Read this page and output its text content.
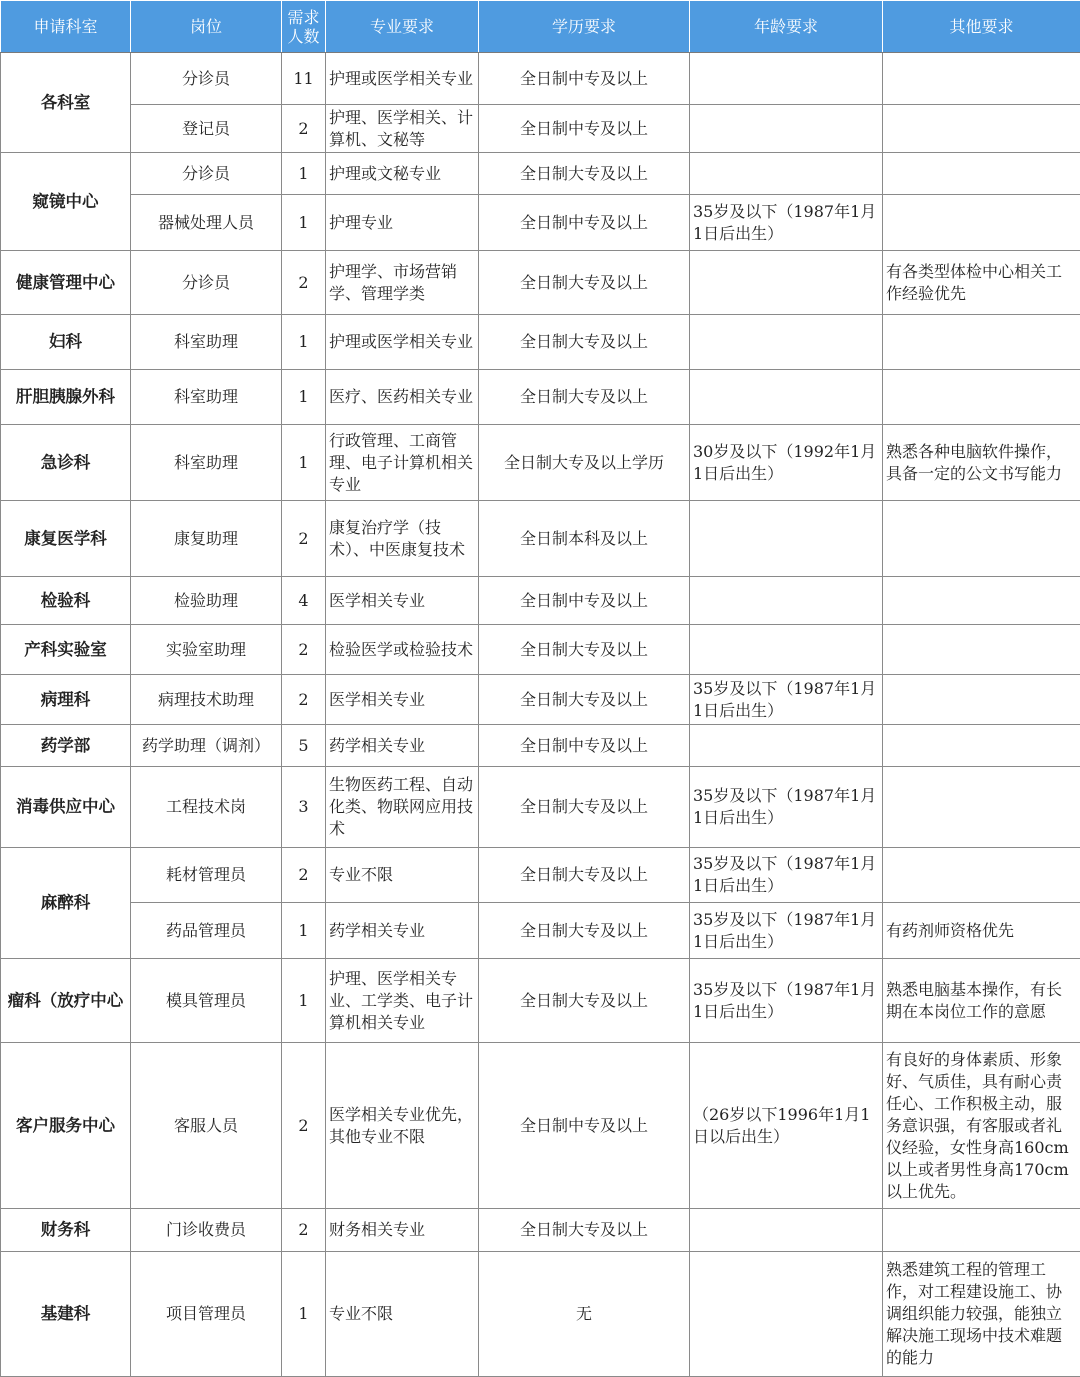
申请科室	岗位	需求人数	专业要求	学历要求	年龄要求	其他要求
各科室	分诊员	11	护理或医学相关专业	全日制中专及以上		
	登记员	2	护理、医学相关、计算机、文秘等	全日制中专及以上		
窥镜中心	分诊员	1	护理或文秘专业	全日制大专及以上		
	器械处理人员	1	护理专业	全日制中专及以上	35岁及以下（1987年1月1日后出生）	
健康管理中心	分诊员	2	护理学、市场营销学、管理学类	全日制大专及以上		有各类型体检中心相关工作经验优先
妇科	科室助理	1	护理或医学相关专业	全日制大专及以上		
肝胆胰腺外科	科室助理	1	医疗、医药相关专业	全日制大专及以上		
急诊科	科室助理	1	行政管理、工商管理、电子计算机相关专业	全日制大专及以上学历	30岁及以下（1992年1月1日后出生）	熟悉各种电脑软件操作，具备一定的公文书写能力
康复医学科	康复助理	2	康复治疗学（技术）、中医康复技术	全日制本科及以上		
检验科	检验助理	4	医学相关专业	全日制中专及以上		
产科实验室	实验室助理	2	检验医学或检验技术	全日制大专及以上		
病理科	病理技术助理	2	医学相关专业	全日制大专及以上	35岁及以下（1987年1月1日后出生）	
药学部	药学助理（调剂）	5	药学相关专业	全日制中专及以上		
消毒供应中心	工程技术岗	3	生物医药工程、自动化类、物联网应用技术	全日制大专及以上	35岁及以下（1987年1月1日后出生）	
麻醉科	耗材管理员	2	专业不限	全日制大专及以上	35岁及以下（1987年1月1日后出生）	
	药品管理员	1	药学相关专业	全日制大专及以上	35岁及以下（1987年1月1日后出生）	有药剂师资格优先
瘤科（放疗中心	模具管理员	1	护理、医学相关专业、工学类、电子计算机相关专业	全日制大专及以上	35岁及以下（1987年1月1日后出生）	熟悉电脑基本操作，有长期在本岗位工作的意愿
客户服务中心	客服人员	2	医学相关专业优先，其他专业不限	全日制中专及以上	（26岁以下1996年1月1日以后出生）	有良好的身体素质、形象好、气质佳，具有耐心责任心、工作积极主动，服务意识强，有客服或者礼仪经验，女性身高160cm以上或者男性身高170cm以上优先。
财务科	门诊收费员	2	财务相关专业	全日制大专及以上		
基建科	项目管理员	1	专业不限	无		熟悉建筑工程的管理工作，对工程建设施工、协调组织能力较强，能独立解决施工现场中技术难题的能力
